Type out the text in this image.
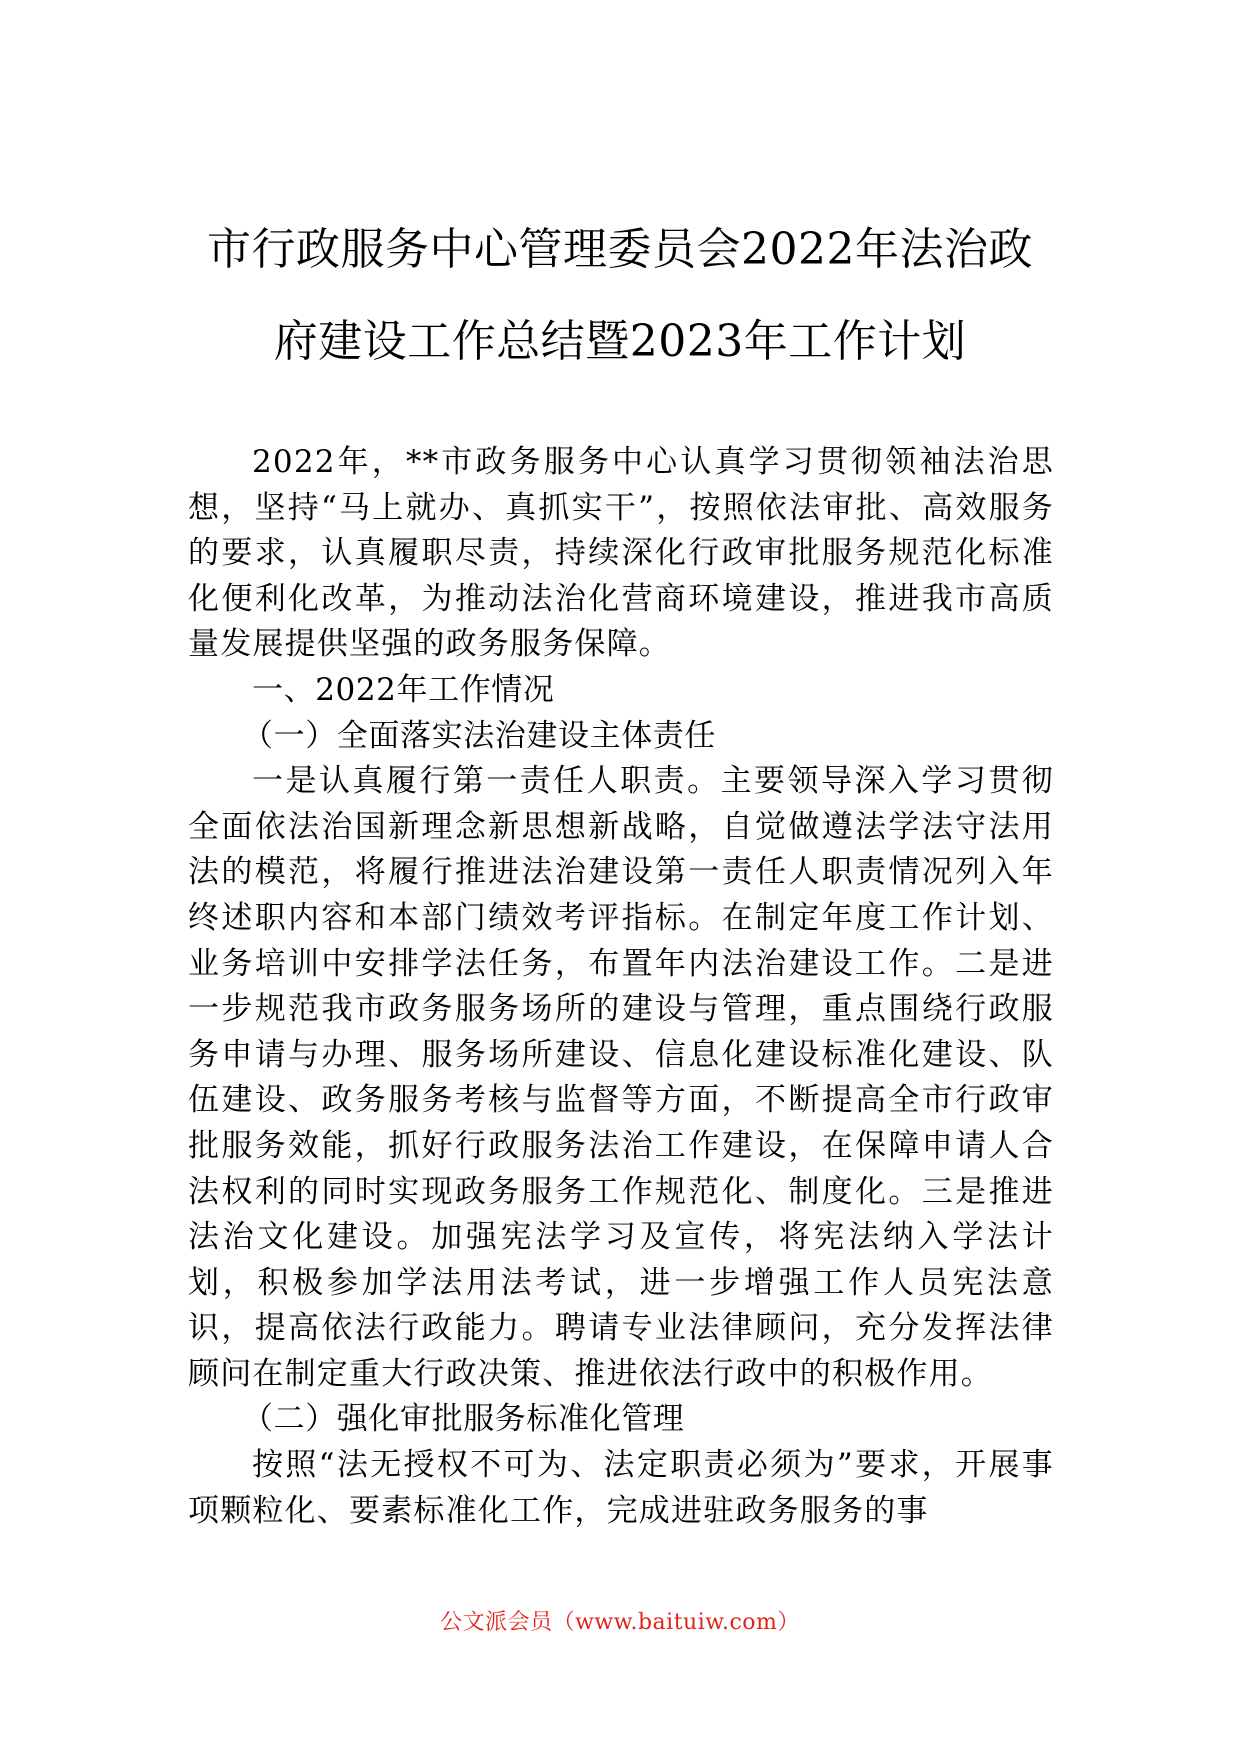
市行政服务中心管理委员会2022年法治政
府建设工作总结暨2023年工作计划

2022年，**市政务服务中心认真学习贯彻领袖法治思想，坚持“马上就办、真抓实干”，按照依法审批、高效服务的要求，认真履职尽责，持续深化行政审批服务规范化标准化便利化改革，为推动法治化营商环境建设，推进我市高质量发展提供坚强的政务服务保障。

一、2022年工作情况

（一）全面落实法治建设主体责任

一是认真履行第一责任人职责。主要领导深入学习贯彻全面依法治国新理念新思想新战略，自觉做遵法学法守法用法的模范，将履行推进法治建设第一责任人职责情况列入年终述职内容和本部门绩效考评指标。在制定年度工作计划、业务培训中安排学法任务，布置年内法治建设工作。二是进一步规范我市政务服务场所的建设与管理，重点围绕行政服务申请与办理、服务场所建设、信息化建设标准化建设、队伍建设、政务服务考核与监督等方面，不断提高全市行政审批服务效能，抓好行政服务法治工作建设，在保障申请人合法权利的同时实现政务服务工作规范化、制度化。三是推进法治文化建设。加强宪法学习及宣传，将宪法纳入学法计划，积极参加学法用法考试，进一步增强工作人员宪法意识，提高依法行政能力。聘请专业法律顾问，充分发挥法律顾问在制定重大行政决策、推进依法行政中的积极作用。

（二）强化审批服务标准化管理

按照“法无授权不可为、法定职责必须为”要求，开展事项颗粒化、要素标准化工作，完成进驻政务服务的事

公文派会员（www.baituiw.com）
